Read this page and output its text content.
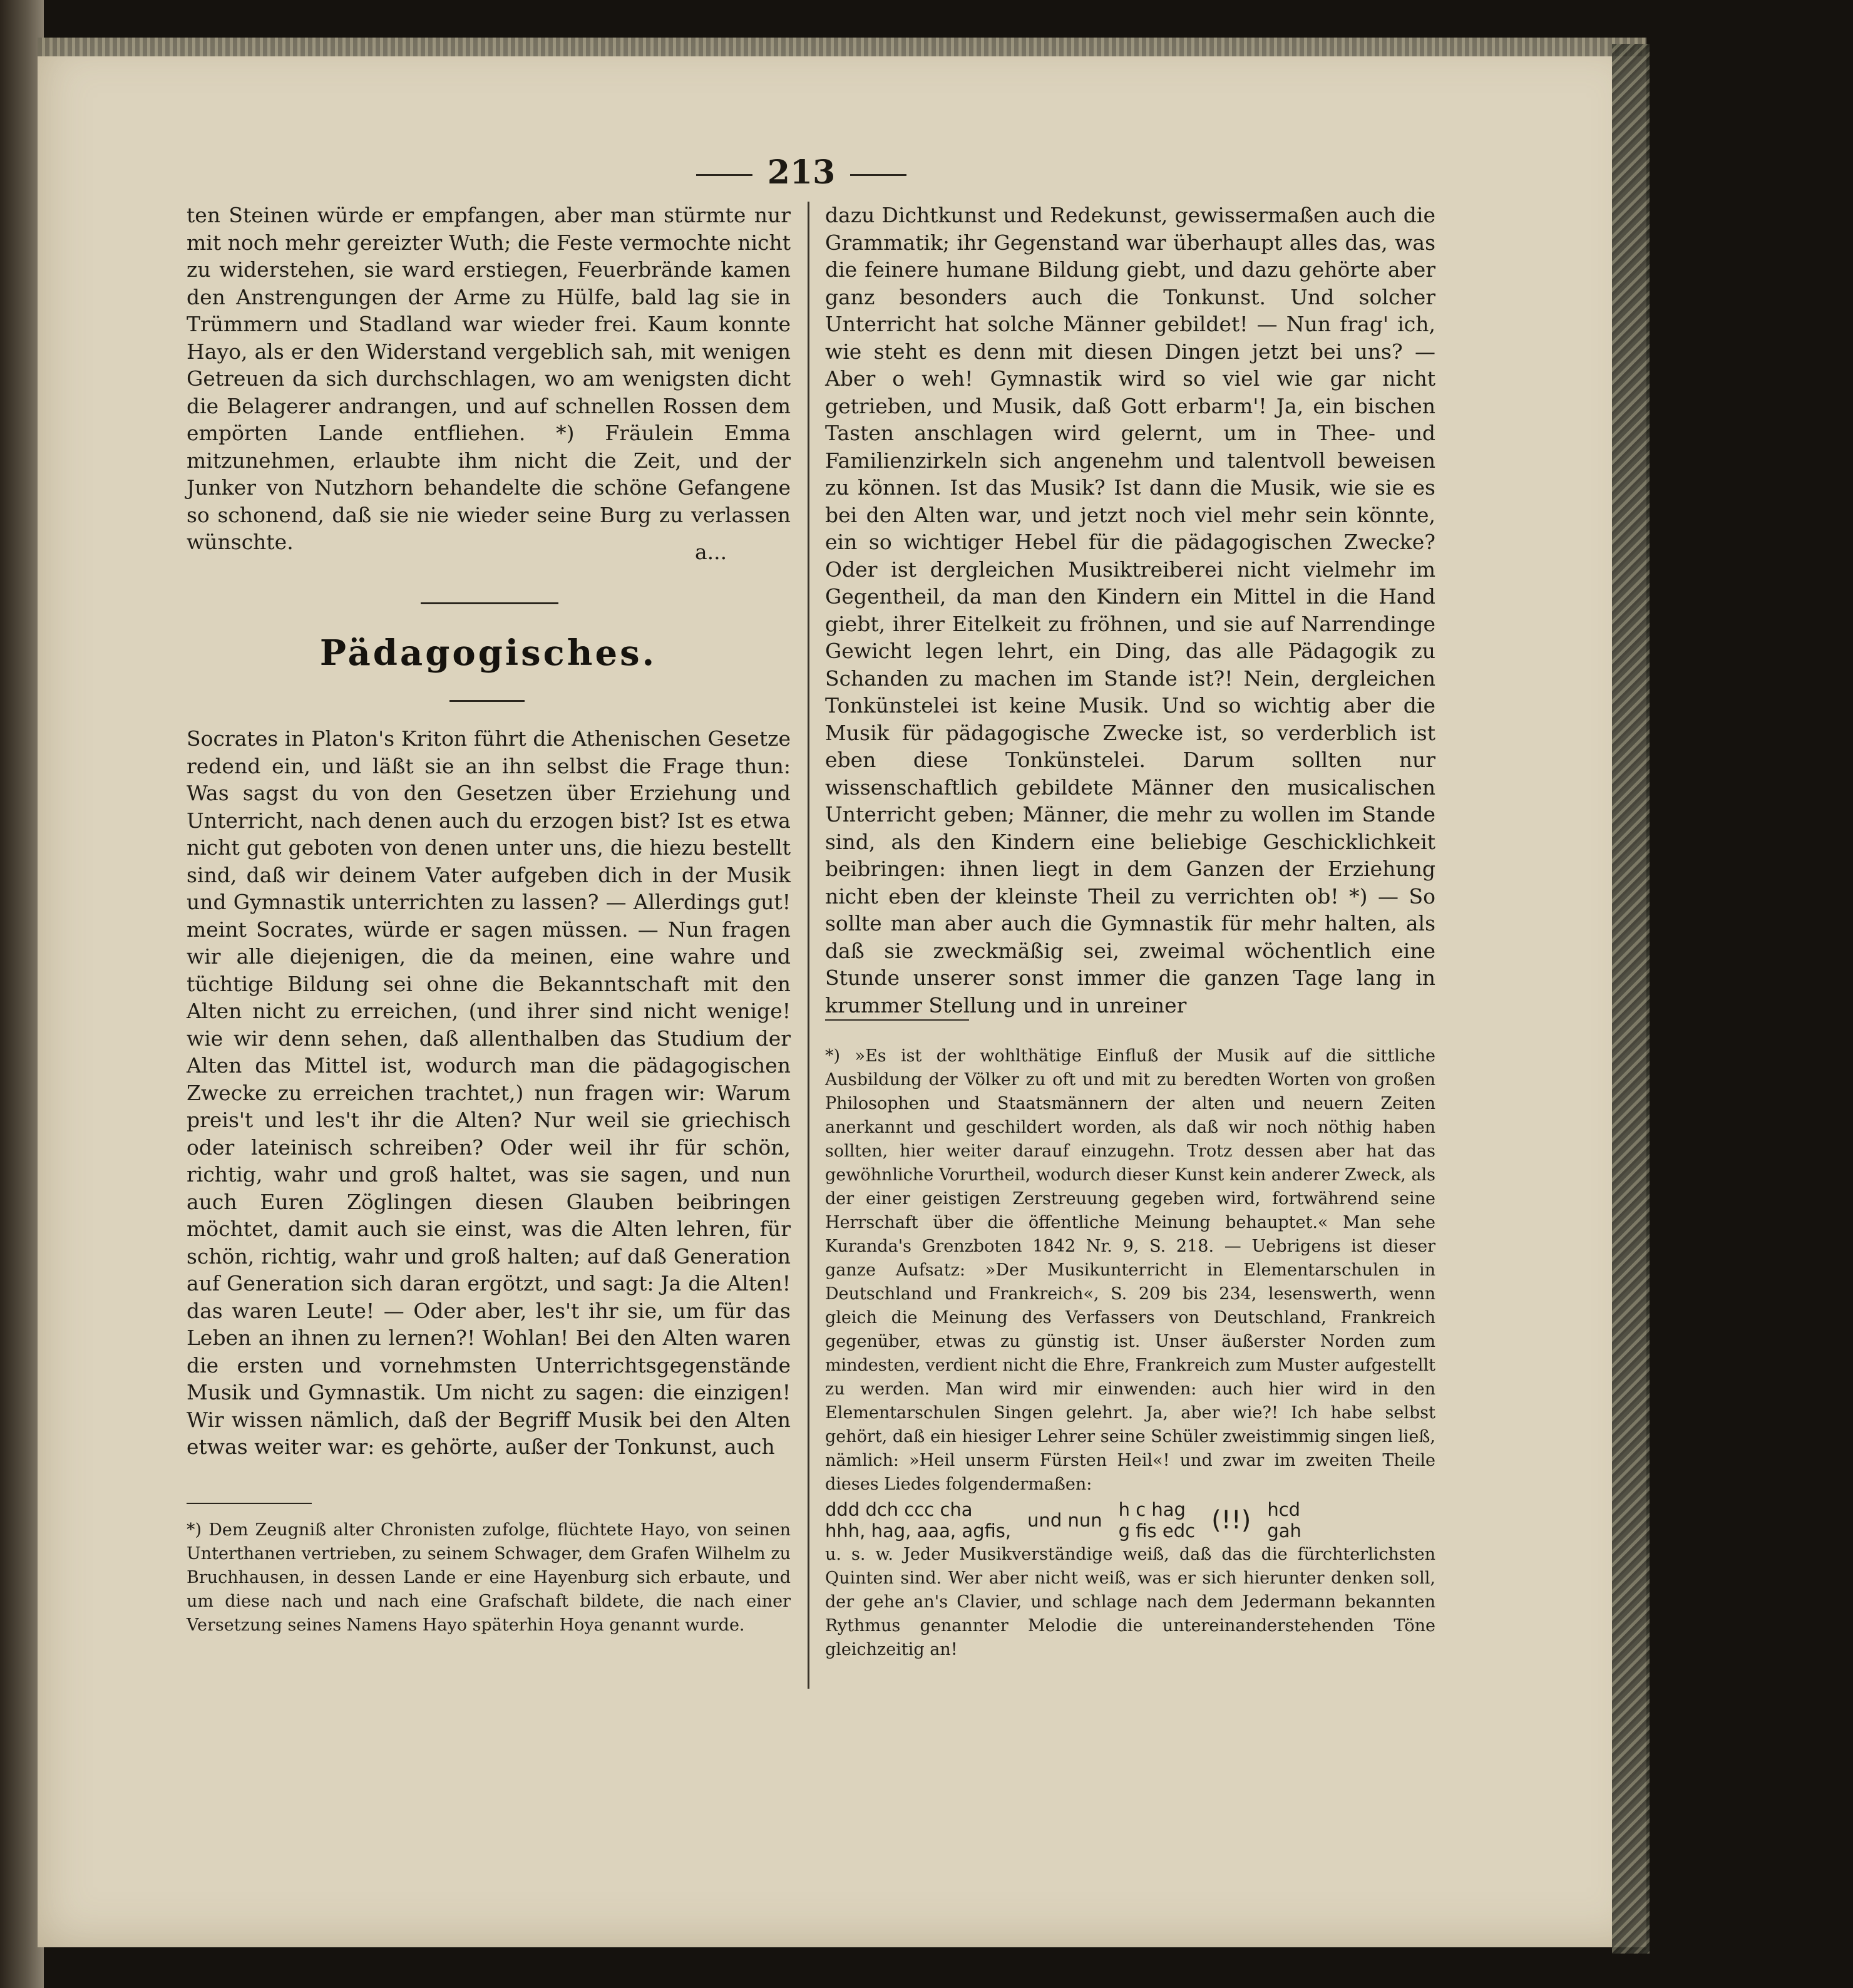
213

ten Steinen würde er empfangen, aber man stürmte nur mit noch mehr gereizter Wuth; die Feste vermochte nicht zu widerstehen, sie ward erstiegen, Feuerbrände kamen den Anstrengungen der Arme zu Hülfe, bald lag sie in Trümmern und Stadland war wieder frei. Kaum konnte Hayo, als er den Widerstand vergeblich sah, mit wenigen Getreuen da sich durchschlagen, wo am wenigsten dicht die Belagerer andrangen, und auf schnellen Rossen dem empörten Lande entfliehen. *) Fräulein Emma mitzunehmen, erlaubte ihm nicht die Zeit, und der Junker von Nutzhorn behandelte die schöne Gefangene so schonend, daß sie nie wieder seine Burg zu verlassen wünschte.	a...
Pädagogisches.

Socrates in Platon's Kriton führt die Athenischen Gesetze redend ein, und läßt sie an ihn selbst die Frage thun: Was sagst du von den Gesetzen über Erziehung und Unterricht, nach denen auch du erzogen bist? Ist es etwa nicht gut geboten von denen unter uns, die hiezu bestellt sind, daß wir deinem Vater aufgeben dich in der Musik und Gymnastik unterrichten zu lassen? — Allerdings gut! meint Socrates, würde er sagen müssen. — Nun fragen wir alle diejenigen, die da meinen, eine wahre und tüchtige Bildung sei ohne die Bekanntschaft mit den Alten nicht zu erreichen, (und ihrer sind nicht wenige! wie wir denn sehen, daß allenthalben das Studium der Alten das Mittel ist, wodurch man die pädagogischen Zwecke zu erreichen trachtet,) nun fragen wir: Warum preis't und les't ihr die Alten? Nur weil sie griechisch oder lateinisch schreiben? Oder weil ihr für schön, richtig, wahr und groß haltet, was sie sagen, und nun auch Euren Zöglingen diesen Glauben beibringen möchtet, damit auch sie einst, was die Alten lehren, für schön, richtig, wahr und groß halten; auf daß Generation auf Generation sich daran ergötzt, und sagt: Ja die Alten! das waren Leute! — Oder aber, les't ihr sie, um für das Leben an ihnen zu lernen?! Wohlan! Bei den Alten waren die ersten und vornehmsten Unterrichtsgegenstände Musik und Gymnastik. Um nicht zu sagen: die einzigen! Wir wissen nämlich, daß der Begriff Musik bei den Alten etwas weiter war: es gehörte, außer der Tonkunst, auch

*) Dem Zeugniß alter Chronisten zufolge, flüchtete Hayo, von seinen Unterthanen vertrieben, zu seinem Schwager, dem Grafen Wilhelm zu Bruchhausen, in dessen Lande er eine Hayenburg sich erbaute, und um diese nach und nach eine Grafschaft bildete, die nach einer Versetzung seines Namens Hayo späterhin Hoya genannt wurde.

dazu Dichtkunst und Redekunst, gewissermaßen auch die Grammatik; ihr Gegenstand war überhaupt alles das, was die feinere humane Bildung giebt, und dazu gehörte aber ganz besonders auch die Tonkunst. Und solcher Unterricht hat solche Männer gebildet! — Nun frag' ich, wie steht es denn mit diesen Dingen jetzt bei uns? — Aber o weh! Gymnastik wird so viel wie gar nicht getrieben, und Musik, daß Gott erbarm'! Ja, ein bischen Tasten anschlagen wird gelernt, um in Thee- und Familienzirkeln sich angenehm und talentvoll beweisen zu können. Ist das Musik? Ist dann die Musik, wie sie es bei den Alten war, und jetzt noch viel mehr sein könnte, ein so wichtiger Hebel für die pädagogischen Zwecke? Oder ist dergleichen Musiktreiberei nicht vielmehr im Gegentheil, da man den Kindern ein Mittel in die Hand giebt, ihrer Eitelkeit zu fröhnen, und sie auf Narrendinge Gewicht legen lehrt, ein Ding, das alle Pädagogik zu Schanden zu machen im Stande ist?! Nein, dergleichen Tonkünstelei ist keine Musik. Und so wichtig aber die Musik für pädagogische Zwecke ist, so verderblich ist eben diese Tonkünstelei. Darum sollten nur wissenschaftlich gebildete Männer den musicalischen Unterricht geben; Männer, die mehr zu wollen im Stande sind, als den Kindern eine beliebige Geschicklichkeit beibringen: ihnen liegt in dem Ganzen der Erziehung nicht eben der kleinste Theil zu verrichten ob! *) — So sollte man aber auch die Gymnastik für mehr halten, als daß sie zweckmäßig sei, zweimal wöchentlich eine Stunde unserer sonst immer die ganzen Tage lang in krummer Stellung und in unreiner

*) »Es ist der wohlthätige Einfluß der Musik auf die sittliche Ausbildung der Völker zu oft und mit zu beredten Worten von großen Philosophen und Staatsmännern der alten und neuern Zeiten anerkannt und geschildert worden, als daß wir noch nöthig haben sollten, hier weiter darauf einzugehn. Trotz dessen aber hat das gewöhnliche Vorurtheil, wodurch dieser Kunst kein anderer Zweck, als der einer geistigen Zerstreuung gegeben wird, fortwährend seine Herrschaft über die öffentliche Meinung behauptet.« Man sehe Kuranda's Grenzboten 1842 Nr. 9, S. 218. — Uebrigens ist dieser ganze Aufsatz: »Der Musikunterricht in Elementarschulen in Deutschland und Frankreich«, S. 209 bis 234, lesenswerth, wenn gleich die Meinung des Verfassers von Deutschland, Frankreich gegenüber, etwas zu günstig ist. Unser äußerster Norden zum mindesten, verdient nicht die Ehre, Frankreich zum Muster aufgestellt zu werden. Man wird mir einwenden: auch hier wird in den Elementarschulen Singen gelehrt. Ja, aber wie?! Ich habe selbst gehört, daß ein hiesiger Lehrer seine Schüler zweistimmig singen ließ, nämlich: »Heil unserm Fürsten Heil«! und zwar im zweiten Theile dieses Liedes folgendermaßen:
ddd dch ccc cha
hhh, hag, aaa, agfis, und nun h c hag
g fis edc (!!) hcd
gah
u. s. w. Jeder Musikverständige weiß, daß das die fürchterlichsten Quinten sind. Wer aber nicht weiß, was er sich hierunter denken soll, der gehe an's Clavier, und schlage nach dem Jedermann bekannten Rythmus genannter Melodie die untereinanderstehenden Töne gleichzeitig an!
